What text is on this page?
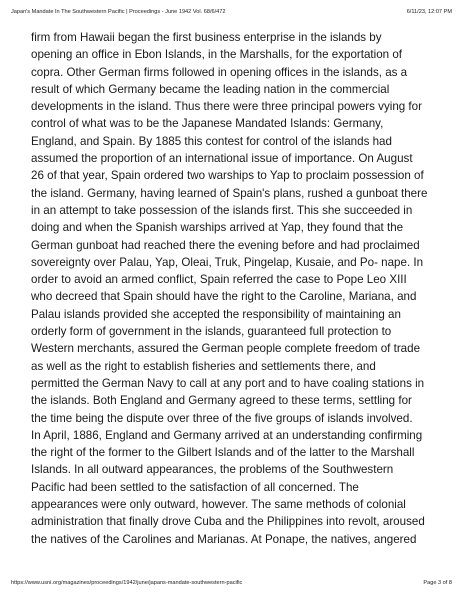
Japan's Mandate In The Southwestern Pacific | Proceedings - June 1942 Vol. 68/6/472	6/11/23, 12:07 PM
firm from Hawaii began the first business enterprise in the islands by
opening an office in Ebon Islands, in the Marshalls, for the exportation of
copra. Other German firms followed in opening offices in the islands, as a
result of which Germany became the leading nation in the commercial
developments in the island. Thus there were three principal powers vying for
control of what was to be the Japanese Mandated Islands: Germany,
England, and Spain. By 1885 this contest for control of the islands had
assumed the proportion of an international issue of importance. On August
26 of that year, Spain ordered two warships to Yap to proclaim possession of
the island. Germany, having learned of Spain's plans, rushed a gunboat there
in an attempt to take possession of the islands first. This she succeeded in
doing and when the Spanish warships arrived at Yap, they found that the
German gunboat had reached there the evening before and had proclaimed
sovereignty over Palau, Yap, Oleai, Truk, Pingelap, Kusaie, and Po- nape. In
order to avoid an armed conflict, Spain referred the case to Pope Leo XIII
who decreed that Spain should have the right to the Caroline, Mariana, and
Palau islands provided she accepted the responsibility of maintaining an
orderly form of government in the islands, guaranteed full protection to
Western merchants, assured the German people complete freedom of trade
as well as the right to establish fisheries and settlements there, and
permitted the German Navy to call at any port and to have coaling stations in
the islands. Both England and Germany agreed to these terms, settling for
the time being the dispute over three of the five groups of islands involved.
In April, 1886, England and Germany arrived at an understanding confirming
the right of the former to the Gilbert Islands and of the latter to the Marshall
Islands. In all outward appearances, the problems of the Southwestern
Pacific had been settled to the satisfaction of all concerned. The
appearances were only outward, however. The same methods of colonial
administration that finally drove Cuba and the Philippines into revolt, aroused
the natives of the Carolines and Marianas. At Ponape, the natives, angered
https://www.usni.org/magazines/proceedings/1942/june/japans-mandate-southwestern-pacific	Page 3 of 8
